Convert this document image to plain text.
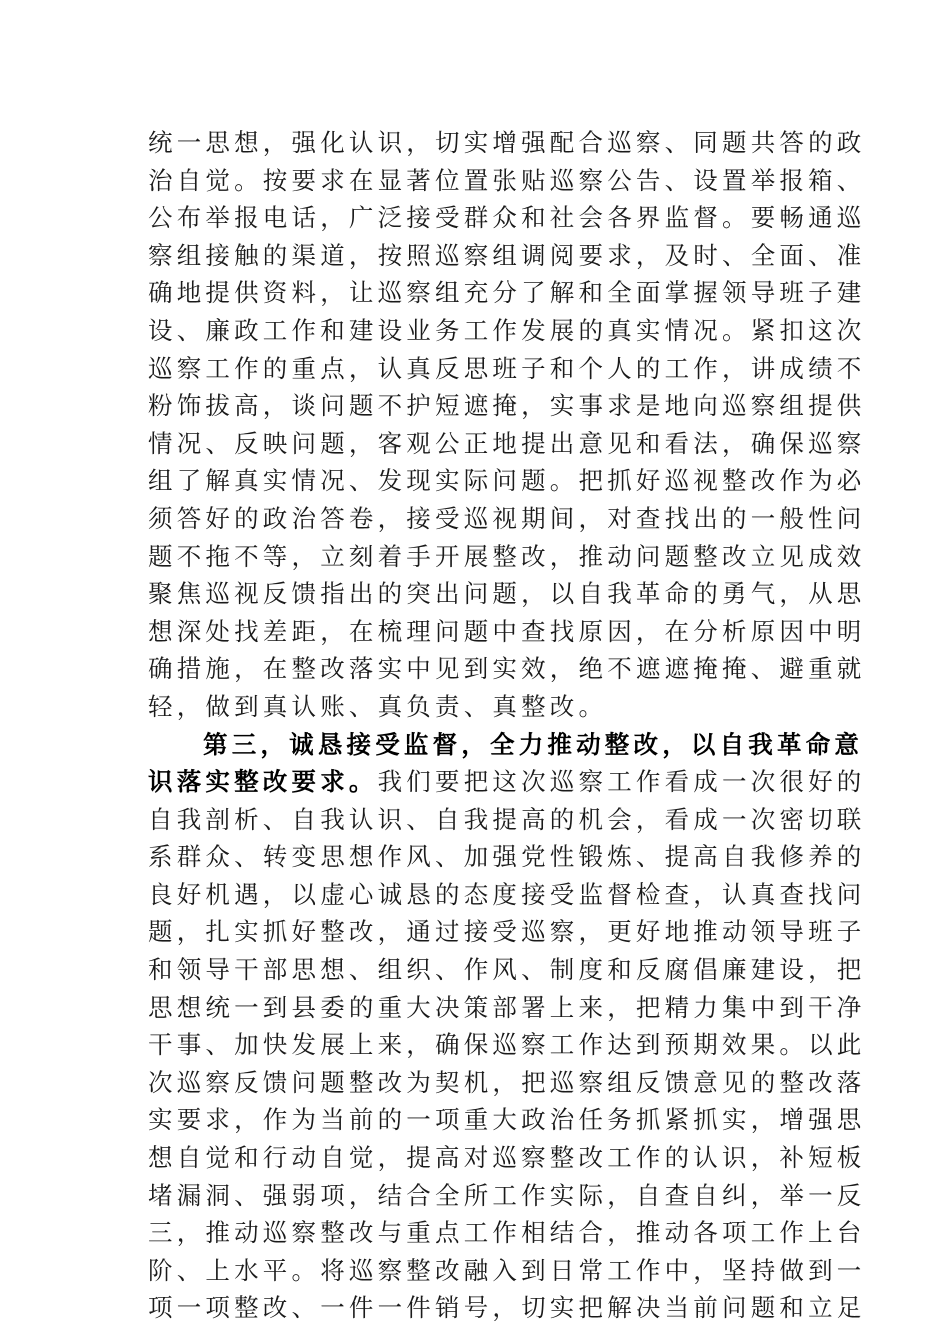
统一思想，强化认识，切实增强配合巡察、同题共答的政
治自觉。按要求在显著位置张贴巡察公告、设置举报箱、
公布举报电话，广泛接受群众和社会各界监督。要畅通巡
察组接触的渠道，按照巡察组调阅要求，及时、全面、准
确地提供资料，让巡察组充分了解和全面掌握领导班子建
设、廉政工作和建设业务工作发展的真实情况。紧扣这次
巡察工作的重点，认真反思班子和个人的工作，讲成绩不
粉饰拔高，谈问题不护短遮掩，实事求是地向巡察组提供
情况、反映问题，客观公正地提出意见和看法，确保巡察
组了解真实情况、发现实际问题。把抓好巡视整改作为必
须答好的政治答卷，接受巡视期间，对查找出的一般性问
题不拖不等，立刻着手开展整改，推动问题整改立见成效
聚焦巡视反馈指出的突出问题，以自我革命的勇气，从思
想深处找差距，在梳理问题中查找原因，在分析原因中明
确措施，在整改落实中见到实效，绝不遮遮掩掩、避重就
轻，做到真认账、真负责、真整改。
第三，诚恳接受监督，全力推动整改，以自我革命意
识落实整改要求。我们要把这次巡察工作看成一次很好的
自我剖析、自我认识、自我提高的机会，看成一次密切联
系群众、转变思想作风、加强党性锻炼、提高自我修养的
良好机遇，以虚心诚恳的态度接受监督检查，认真查找问
题，扎实抓好整改，通过接受巡察，更好地推动领导班子
和领导干部思想、组织、作风、制度和反腐倡廉建设，把
思想统一到县委的重大决策部署上来，把精力集中到干净
干事、加快发展上来，确保巡察工作达到预期效果。以此
次巡察反馈问题整改为契机，把巡察组反馈意见的整改落
实要求，作为当前的一项重大政治任务抓紧抓实，增强思
想自觉和行动自觉，提高对巡察整改工作的认识，补短板
堵漏洞、强弱项，结合全所工作实际，自查自纠，举一反
三，推动巡察整改与重点工作相结合，推动各项工作上台
阶、上水平。将巡察整改融入到日常工作中，坚持做到一
项一项整改、一件一件销号，切实把解决当前问题和立足
